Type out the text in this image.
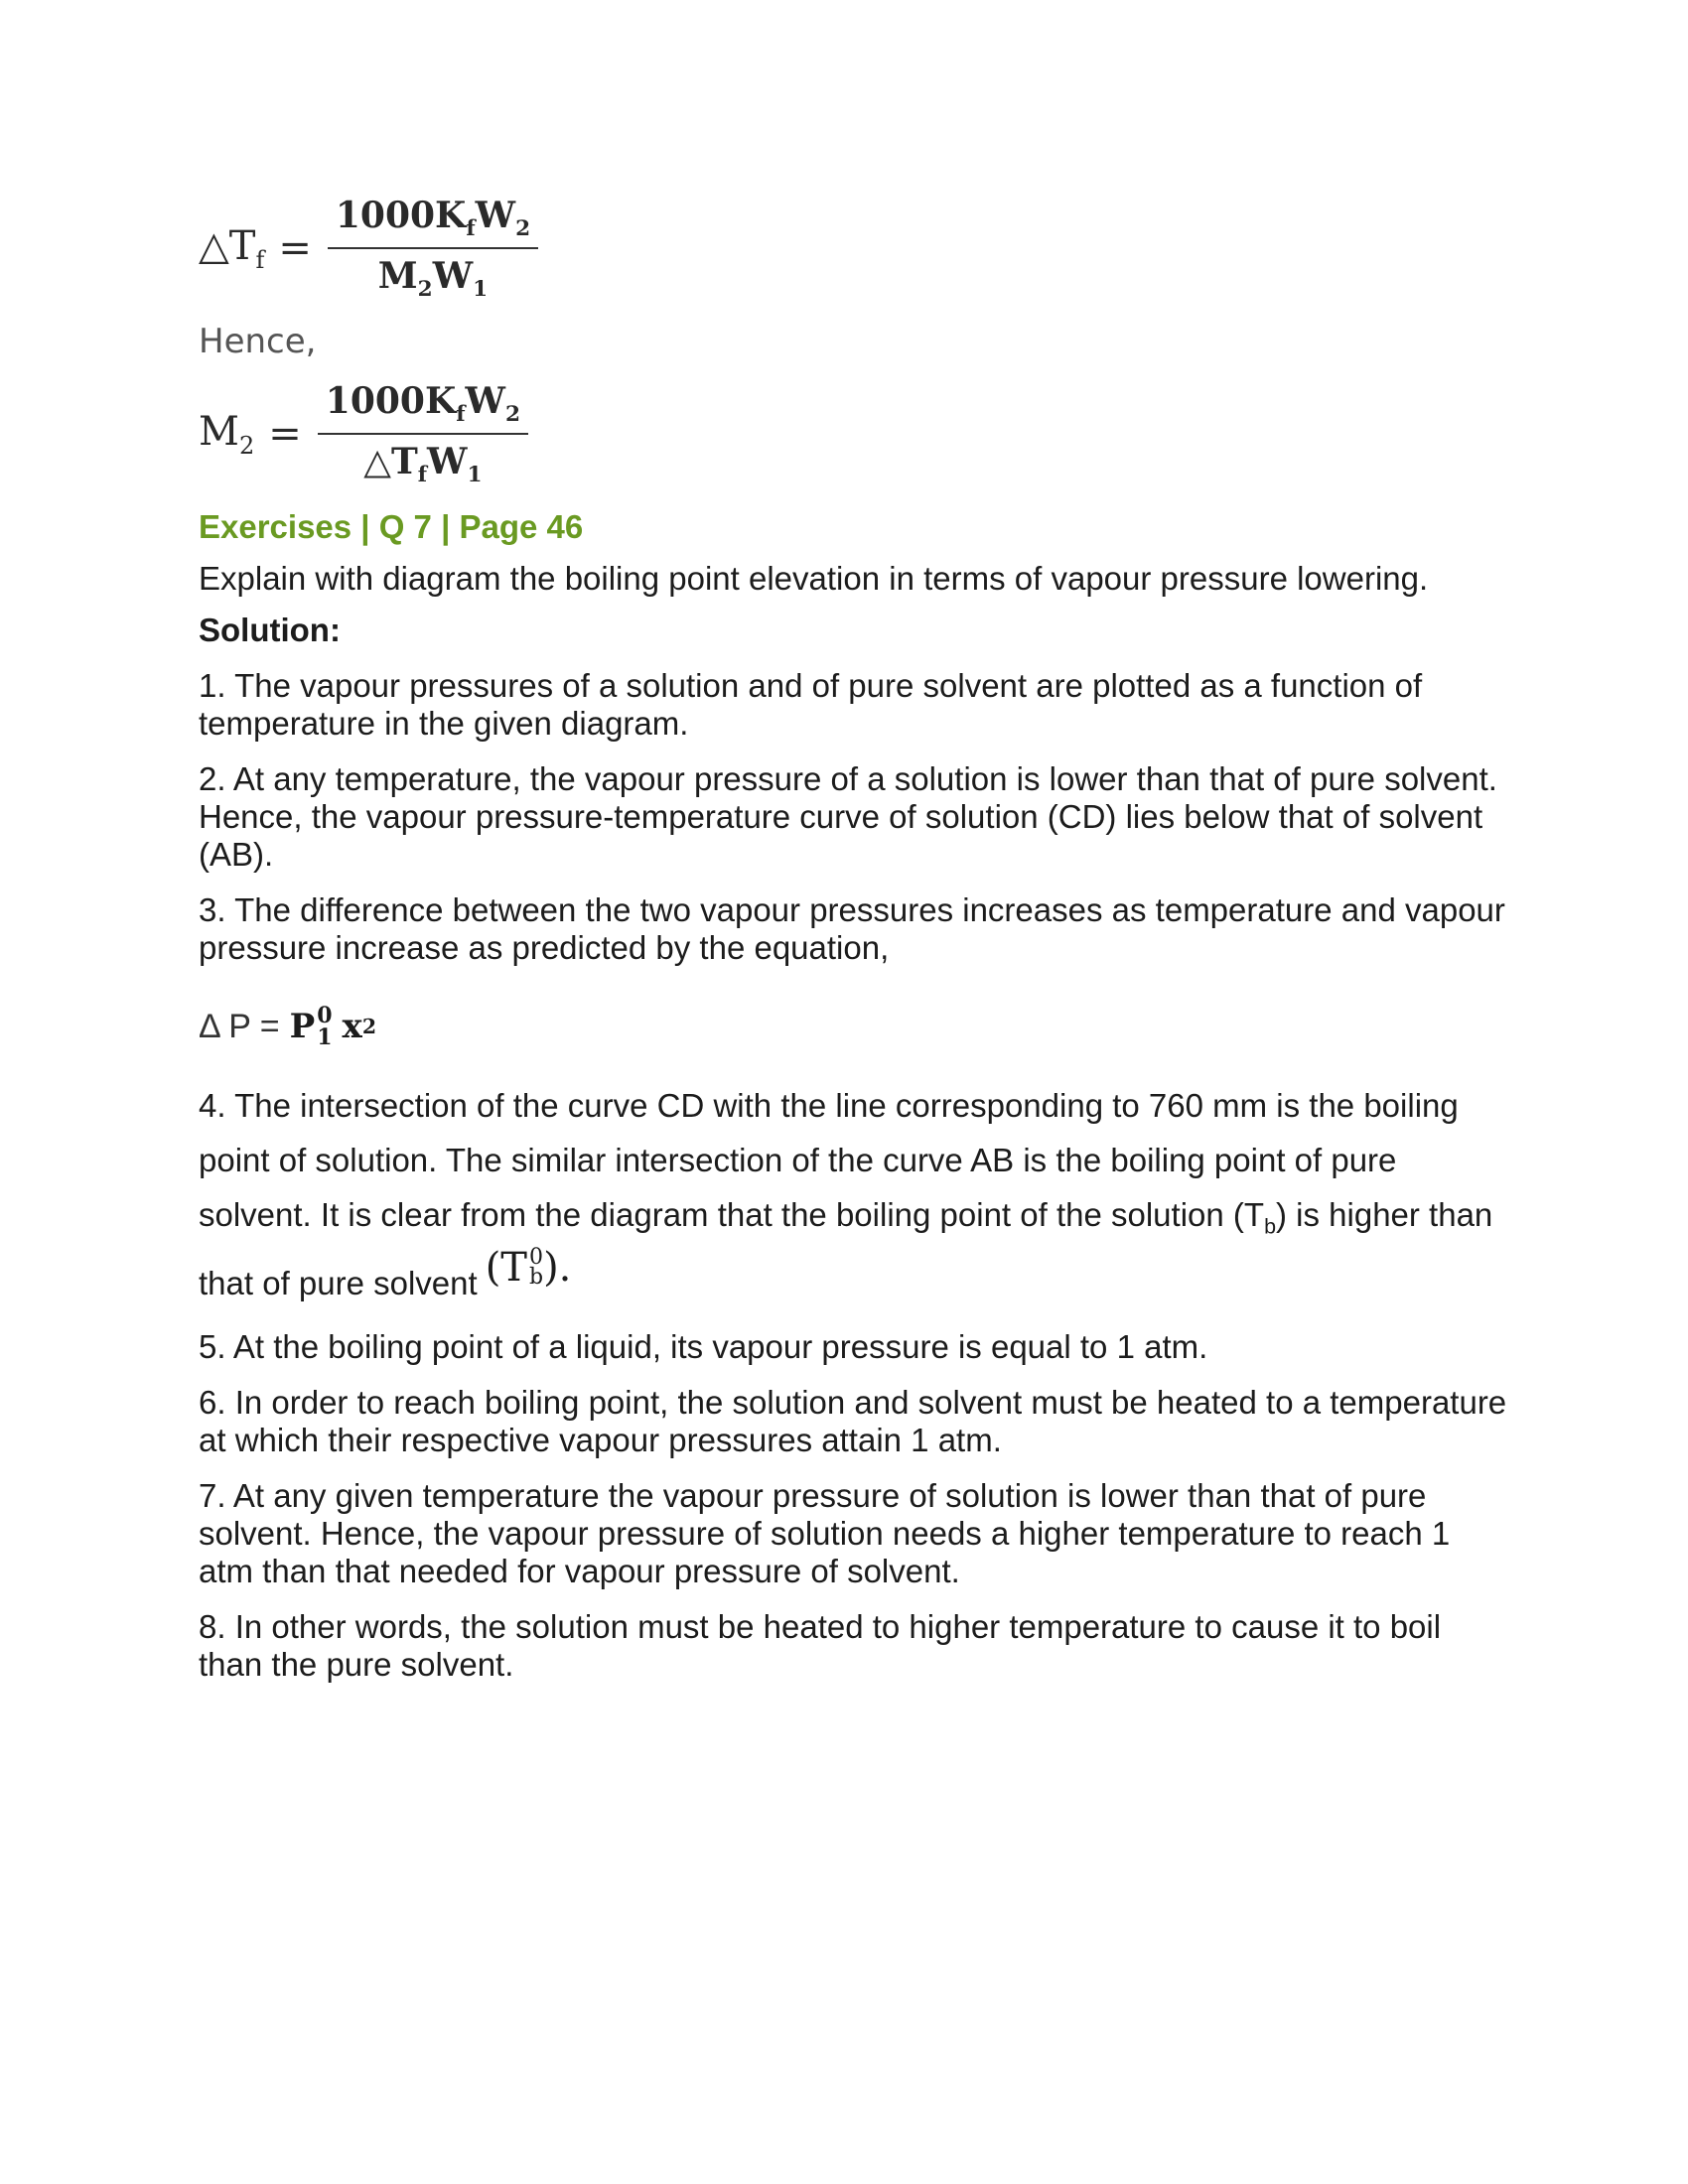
$\triangle T_f = \frac{1000K_fW_2}{M_2W_1}$
Hence,
$M_2 = \frac{1000K_fW_2}{\triangle T_fW_1}$
Exercises | Q 7 | Page 46
Explain with diagram the boiling point elevation in terms of vapour pressure lowering.
Solution:
1. The vapour pressures of a solution and of pure solvent are plotted as a function of temperature in the given diagram.
2. At any temperature, the vapour pressure of a solution is lower than that of pure solvent. Hence, the vapour pressure-temperature curve of solution (CD) lies below that of solvent (AB).
3. The difference between the two vapour pressures increases as temperature and vapour pressure increase as predicted by the equation,
Δ P = P 0
1 x 2
4. The intersection of the curve CD with the line corresponding to 760 mm is the boiling point of solution. The similar intersection of the curve AB is the boiling point of pure solvent. It is clear from the diagram that the boiling point of the solution $(T_b)$ is higher than that of pure solvent (T 0
b ).
5. At the boiling point of a liquid, its vapour pressure is equal to 1 atm.
6. In order to reach boiling point, the solution and solvent must be heated to a temperature at which their respective vapour pressures attain 1 atm.
7. At any given temperature the vapour pressure of solution is lower than that of pure solvent. Hence, the vapour pressure of solution needs a higher temperature to reach 1 atm than that needed for vapour pressure of solvent.
8. In other words, the solution must be heated to higher temperature to cause it to boil than the pure solvent.
